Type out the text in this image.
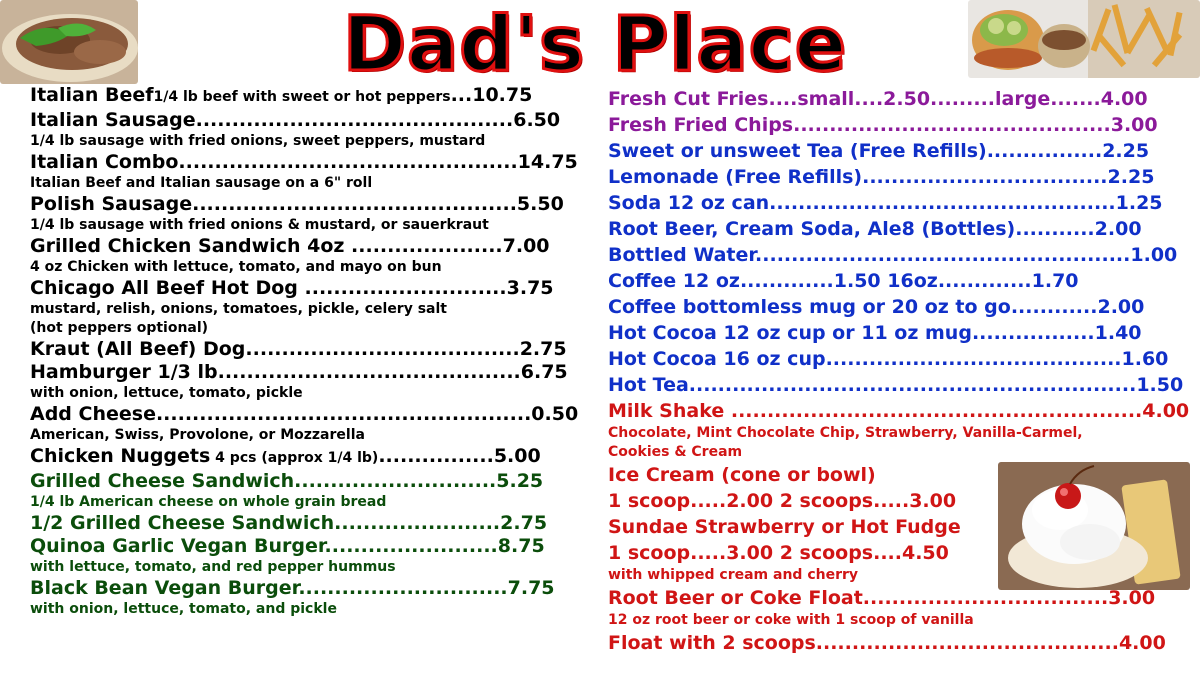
Dad's Place
Italian Beef1/4 lb beef with sweet or hot peppers...10.75
Italian Sausage............................................6.50
1/4 lb sausage with fried onions, sweet peppers, mustard
Italian Combo...............................................14.75
Italian Beef and Italian sausage on a 6" roll
Polish Sausage.............................................5.50
1/4 lb sausage with fried onions & mustard, or sauerkraut
Grilled Chicken Sandwich 4oz .....................7.00
4 oz Chicken with lettuce, tomato, and mayo on bun
Chicago All Beef Hot Dog ............................3.75
mustard, relish, onions, tomatoes, pickle, celery salt
(hot peppers optional)
Kraut (All Beef) Dog......................................2.75
Hamburger 1/3 lb..........................................6.75
with onion, lettuce, tomato, pickle
Add Cheese....................................................0.50
American, Swiss, Provolone, or Mozzarella
Chicken Nuggets 4 pcs (approx 1/4 lb)................5.00
Grilled Cheese Sandwich............................5.25
1/4 lb American cheese on whole grain bread
1/2 Grilled Cheese Sandwich.......................2.75
Quinoa Garlic Vegan Burger........................8.75
with lettuce, tomato, and red pepper hummus
Black Bean Vegan Burger.............................7.75
with onion, lettuce, tomato, and pickle
Fresh Cut Fries....small....2.50.........large.......4.00
Fresh Fried Chips............................................3.00
Sweet or unsweet Tea (Free Refills)................2.25
Lemonade (Free Refills)..................................2.25
Soda 12 oz can................................................1.25
Root Beer, Cream Soda, Ale8 (Bottles)...........2.00
Bottled Water....................................................1.00
Coffee 12 oz.............1.50 16oz.............1.70
Coffee bottomless mug or 20 oz to go............2.00
Hot Cocoa 12 oz cup or 11 oz mug.................1.40
Hot Cocoa 16 oz cup.........................................1.60
Hot Tea..............................................................1.50
Milk Shake .........................................................4.00
Chocolate, Mint Chocolate Chip, Strawberry, Vanilla-Carmel,
Cookies & Cream
Ice Cream (cone or bowl)
1 scoop.....2.00 2 scoops.....3.00
Sundae Strawberry or Hot Fudge
1 scoop.....3.00 2 scoops....4.50
with whipped cream and cherry
Root Beer or Coke Float..................................3.00
12 oz root beer or coke with 1 scoop of vanilla
Float with 2 scoops..........................................4.00
